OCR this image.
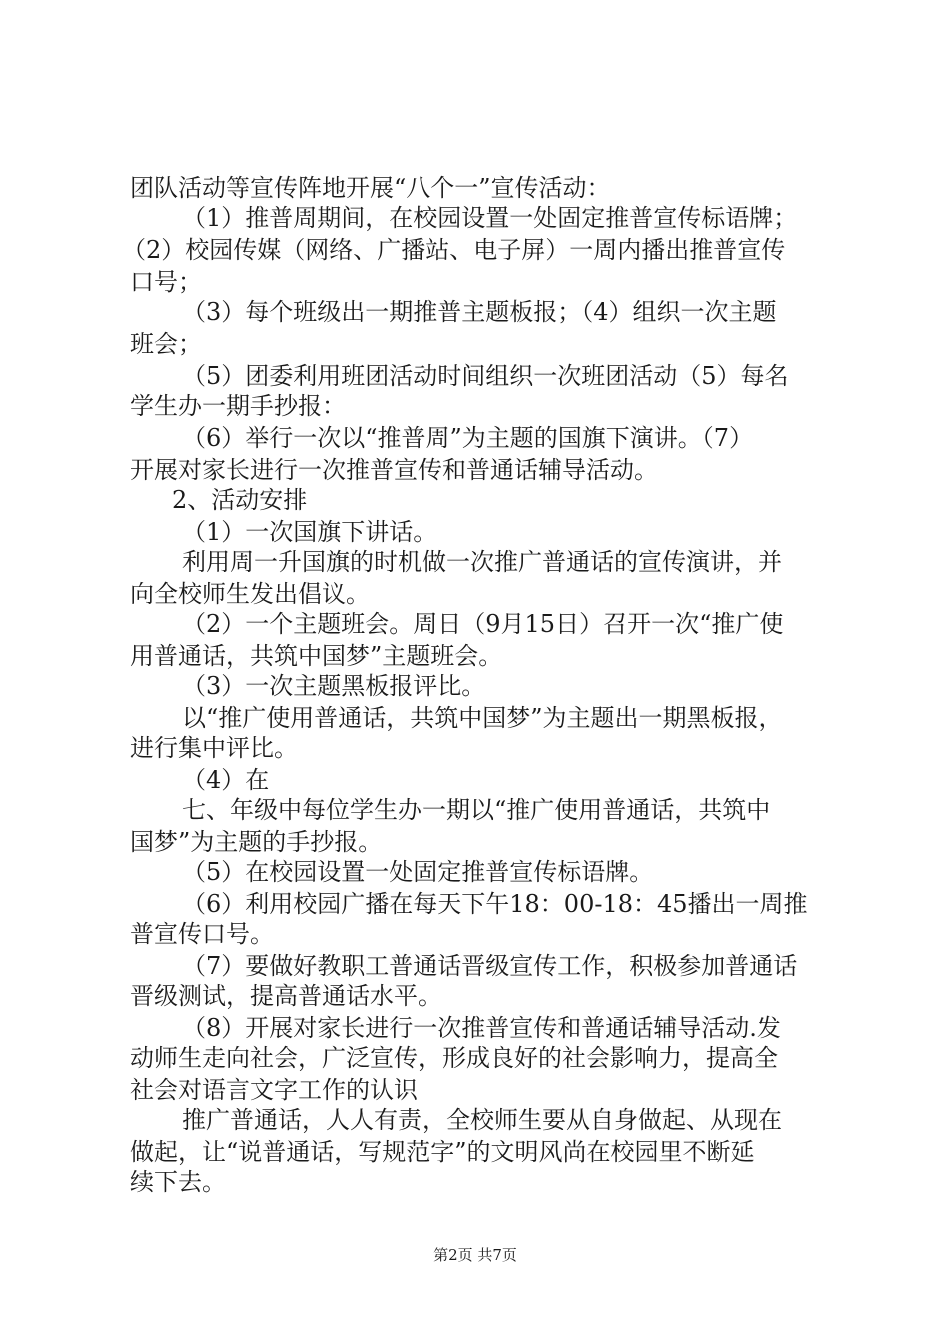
团队活动等宣传阵地开展“八个一”宣传活动：
（1）推普周期间，在校园设置一处固定推普宣传标语牌；
（2）校园传媒（网络、广播站、电子屏）一周内播出推普宣传
口号；
（3）每个班级出一期推普主题板报；（4）组织一次主题
班会；
（5）团委利用班团活动时间组织一次班团活动（5）每名
学生办一期手抄报：
（6）举行一次以“推普周”为主题的国旗下演讲。（7）
开展对家长进行一次推普宣传和普通话辅导活动。
2、活动安排
（1）一次国旗下讲话。
利用周一升国旗的时机做一次推广普通话的宣传演讲，并
向全校师生发出倡议。
（2）一个主题班会。周日（9月15日）召开一次“推广使
用普通话，共筑中国梦”主题班会。
（3）一次主题黑板报评比。
以“推广使用普通话，共筑中国梦”为主题出一期黑板报，
进行集中评比。
（4）在
七、年级中每位学生办一期以“推广使用普通话，共筑中
国梦”为主题的手抄报。
（5）在校园设置一处固定推普宣传标语牌。
（6）利用校园广播在每天下午18：00-18：45播出一周推
普宣传口号。
（7）要做好教职工普通话晋级宣传工作，积极参加普通话
晋级测试，提高普通话水平。
（8）开展对家长进行一次推普宣传和普通话辅导活动.发
动师生走向社会，广泛宣传，形成良好的社会影响力，提高全
社会对语言文字工作的认识
推广普通话，人人有责，全校师生要从自身做起、从现在
做起，让“说普通话，写规范字”的文明风尚在校园里不断延
续下去。
第2页 共7页
